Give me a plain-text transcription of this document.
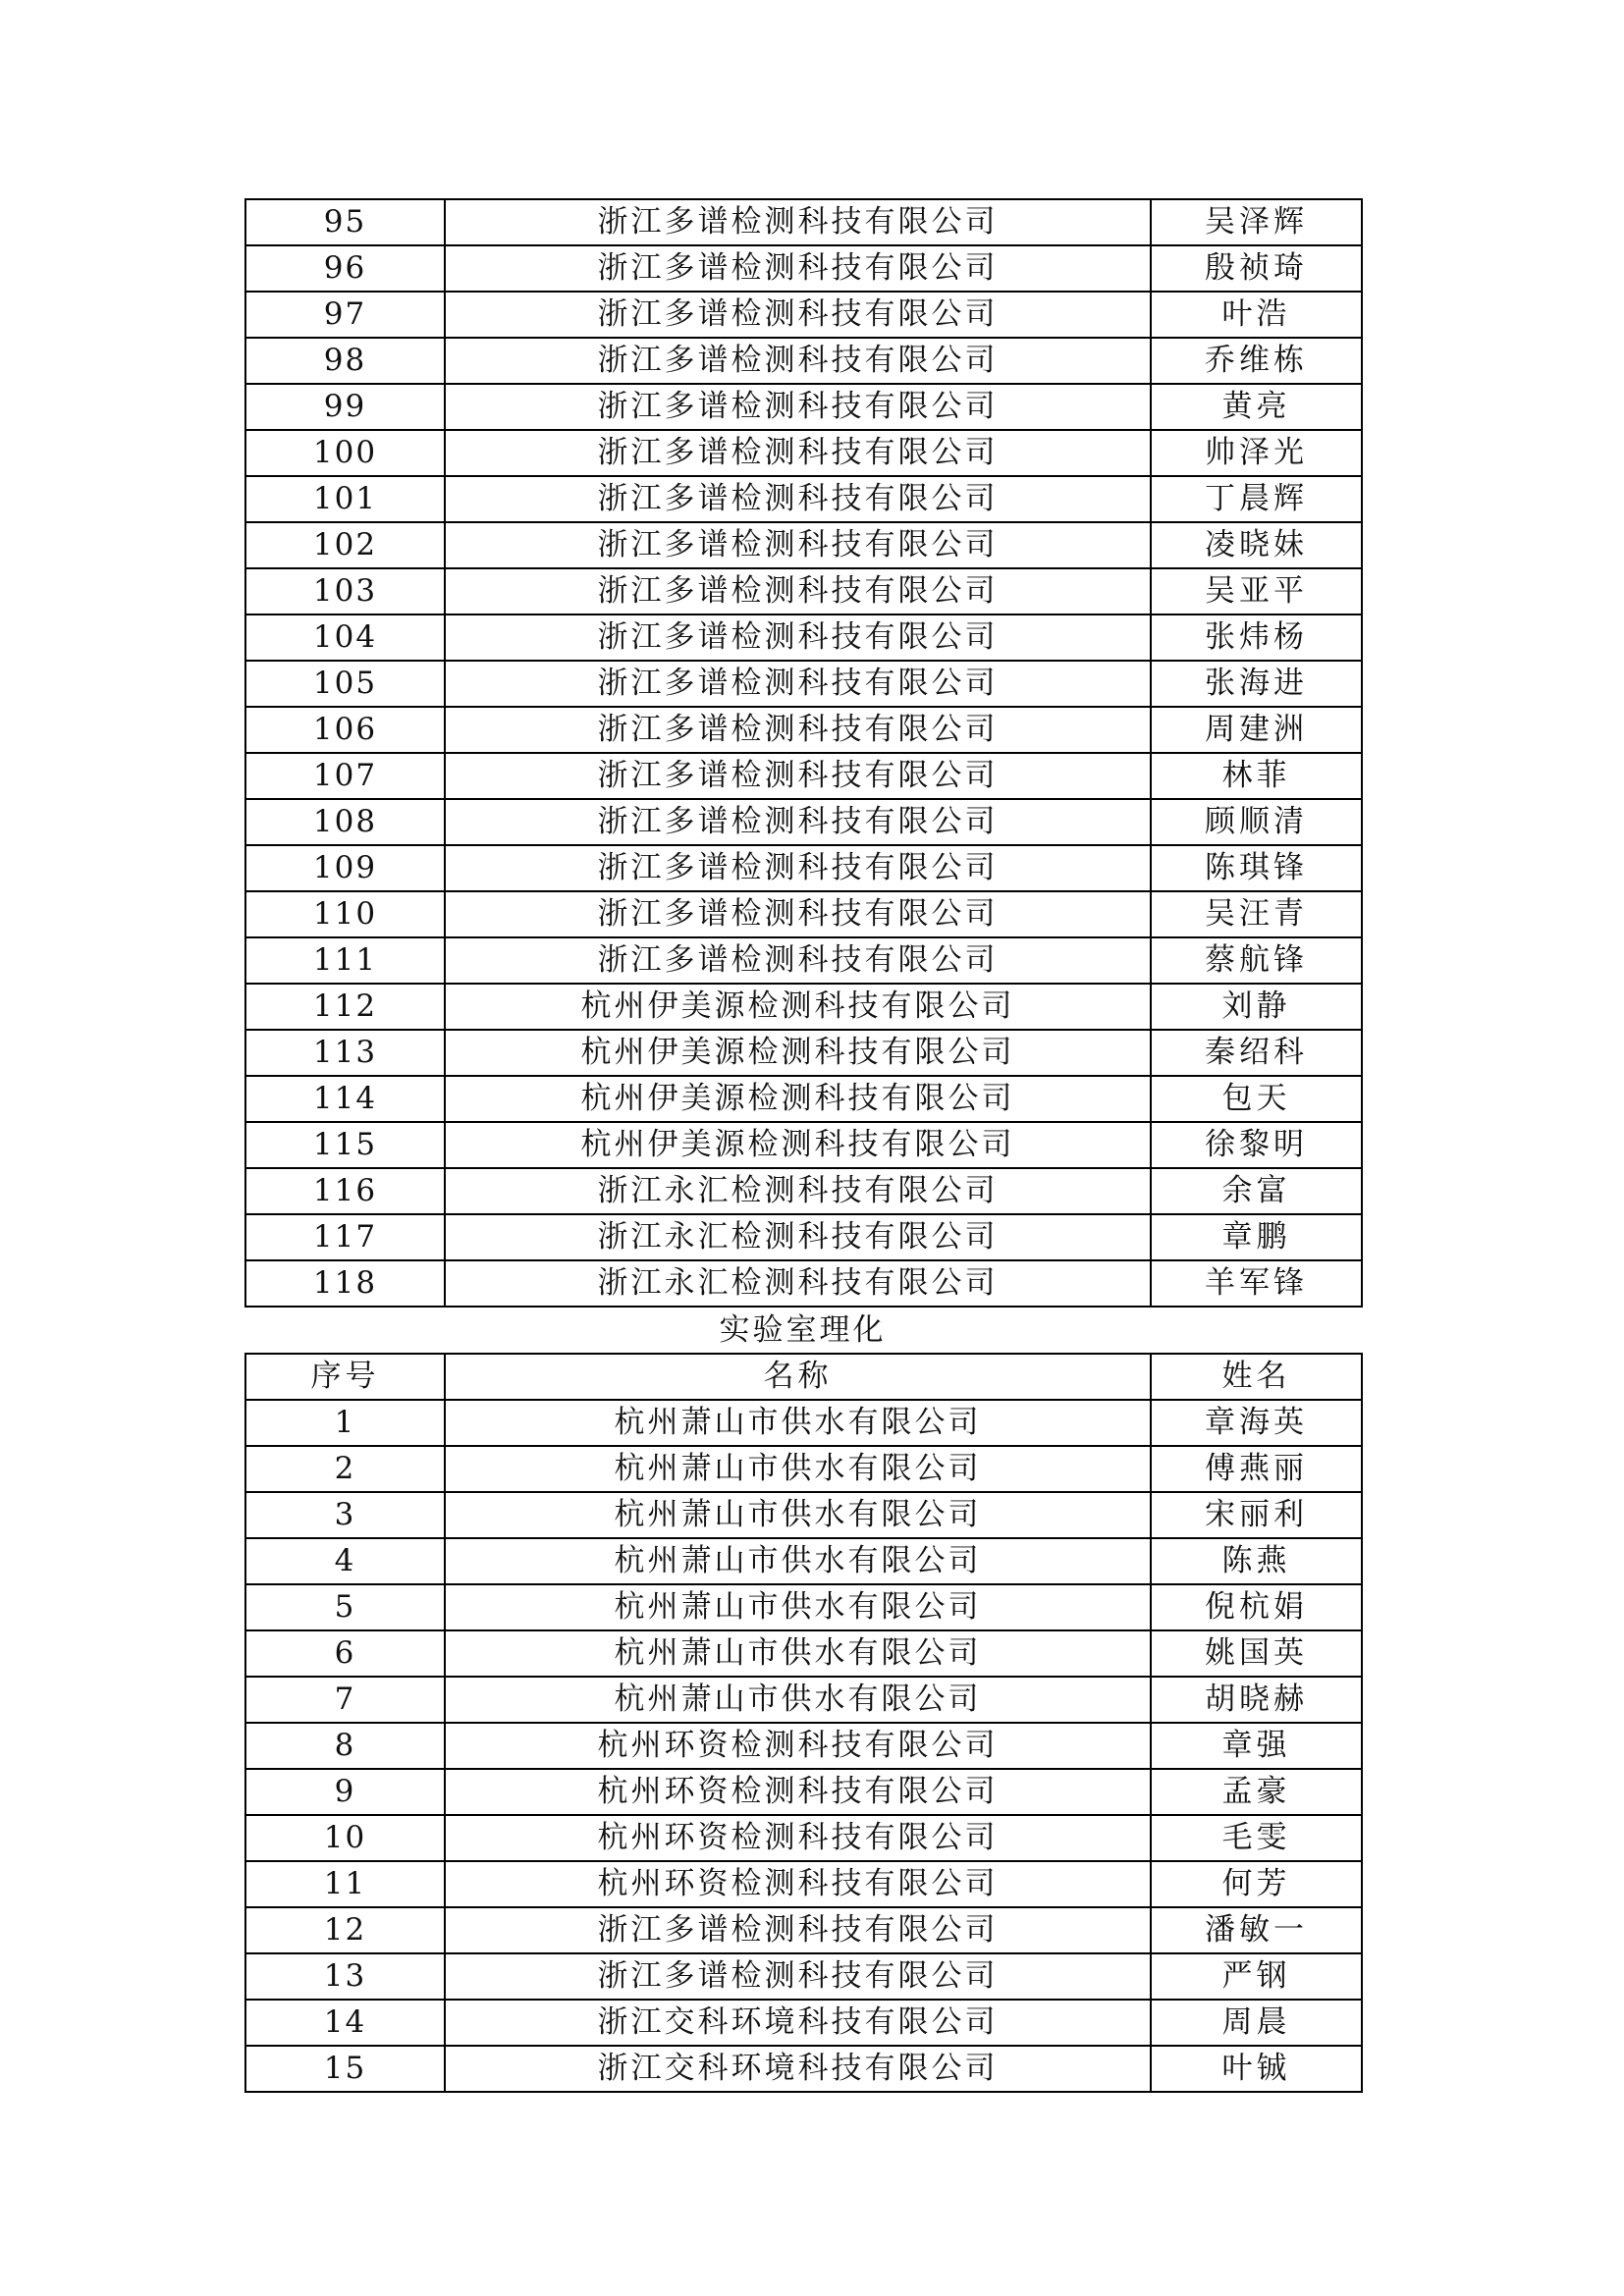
95	浙江多谱检测科技有限公司	吴泽辉
96	浙江多谱检测科技有限公司	殷祯琦
97	浙江多谱检测科技有限公司	叶浩
98	浙江多谱检测科技有限公司	乔维栋
99	浙江多谱检测科技有限公司	黄亮
100	浙江多谱检测科技有限公司	帅泽光
101	浙江多谱检测科技有限公司	丁晨辉
102	浙江多谱检测科技有限公司	凌晓妹
103	浙江多谱检测科技有限公司	吴亚平
104	浙江多谱检测科技有限公司	张炜杨
105	浙江多谱检测科技有限公司	张海进
106	浙江多谱检测科技有限公司	周建洲
107	浙江多谱检测科技有限公司	林菲
108	浙江多谱检测科技有限公司	顾顺清
109	浙江多谱检测科技有限公司	陈琪锋
110	浙江多谱检测科技有限公司	吴汪青
111	浙江多谱检测科技有限公司	蔡航锋
112	杭州伊美源检测科技有限公司	刘静
113	杭州伊美源检测科技有限公司	秦绍科
114	杭州伊美源检测科技有限公司	包天
115	杭州伊美源检测科技有限公司	徐黎明
116	浙江永汇检测科技有限公司	余富
117	浙江永汇检测科技有限公司	章鹏
118	浙江永汇检测科技有限公司	羊军锋
实验室理化
序号	名称	姓名
1	杭州萧山市供水有限公司	章海英
2	杭州萧山市供水有限公司	傅燕丽
3	杭州萧山市供水有限公司	宋丽利
4	杭州萧山市供水有限公司	陈燕
5	杭州萧山市供水有限公司	倪杭娟
6	杭州萧山市供水有限公司	姚国英
7	杭州萧山市供水有限公司	胡晓赫
8	杭州环资检测科技有限公司	章强
9	杭州环资检测科技有限公司	孟豪
10	杭州环资检测科技有限公司	毛雯
11	杭州环资检测科技有限公司	何芳
12	浙江多谱检测科技有限公司	潘敏一
13	浙江多谱检测科技有限公司	严钢
14	浙江交科环境科技有限公司	周晨
15	浙江交科环境科技有限公司	叶铖
